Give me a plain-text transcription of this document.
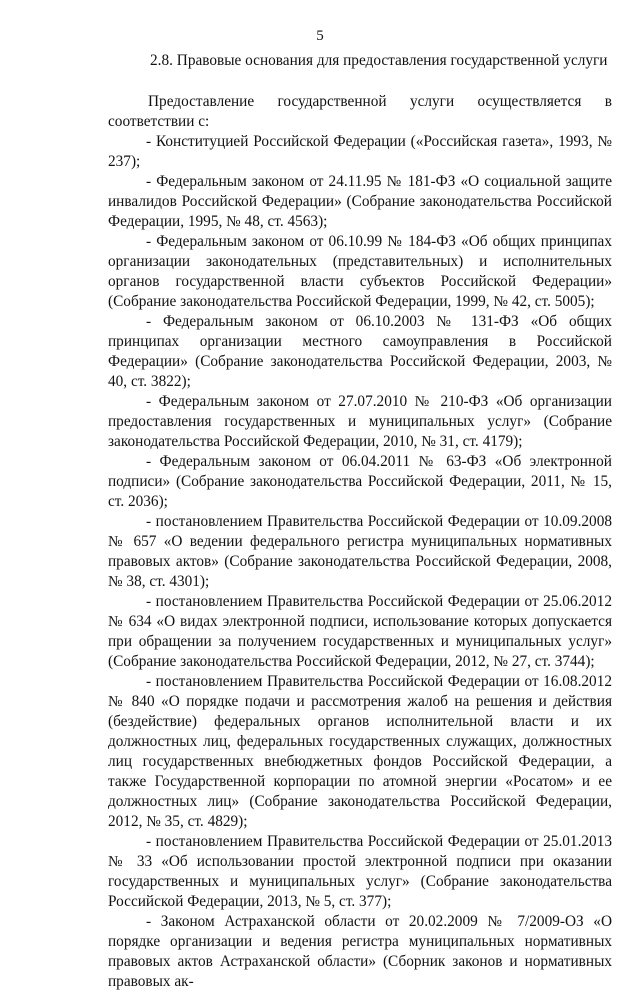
5
2.8. Правовые основания для предоставления государственной услуги

Предоставление государственной услуги осуществляется в соответствии с:

- Конституцией Российской Федерации («Российская газета», 1993, № 237);

- Федеральным законом от 24.11.95 № 181-ФЗ «О социальной защите инвалидов Российской Федерации» (Собрание законодательства Российской Федерации, 1995, № 48, ст. 4563);

- Федеральным законом от 06.10.99 № 184-ФЗ «Об общих принципах организации законодательных (представительных) и исполнительных органов государственной власти субъектов Российской Федерации» (Собрание законодательства Российской Федерации, 1999, № 42, ст. 5005);

- Федеральным законом от 06.10.2003 № 131-ФЗ «Об общих принципах организации местного самоуправления в Российской Федерации» (Собрание законодательства Российской Федерации, 2003, № 40, ст. 3822);

- Федеральным законом от 27.07.2010 № 210-ФЗ «Об организации предоставления государственных и муниципальных услуг» (Собрание законодательства Российской Федерации, 2010, № 31, ст. 4179);

- Федеральным законом от 06.04.2011 № 63-ФЗ «Об электронной подписи» (Собрание законодательства Российской Федерации, 2011, № 15, ст. 2036);

- постановлением Правительства Российской Федерации от 10.09.2008 № 657 «О ведении федерального регистра муниципальных нормативных правовых актов» (Собрание законодательства Российской Федерации, 2008, № 38, ст. 4301);

- постановлением Правительства Российской Федерации от 25.06.2012 № 634 «О видах электронной подписи, использование которых допускается при обращении за получением государственных и муниципальных услуг» (Собрание законодательства Российской Федерации, 2012, № 27, ст. 3744);

- постановлением Правительства Российской Федерации от 16.08.2012 № 840 «О порядке подачи и рассмотрения жалоб на решения и действия (бездействие) федеральных органов исполнительной власти и их должностных лиц, федеральных государственных служащих, должностных лиц государственных внебюджетных фондов Российской Федерации, а также Государственной корпорации по атомной энергии «Росатом» и ее должностных лиц» (Собрание законодательства Российской Федерации, 2012, № 35, ст. 4829);

- постановлением Правительства Российской Федерации от 25.01.2013 № 33 «Об использовании простой электронной подписи при оказании государственных и муниципальных услуг» (Собрание законодательства Российской Федерации, 2013, № 5, ст. 377);

- Законом Астраханской области от 20.02.2009 № 7/2009-ОЗ «О порядке организации и ведения регистра муниципальных нормативных правовых актов Астраханской области» (Сборник законов и нормативных правовых ак-
